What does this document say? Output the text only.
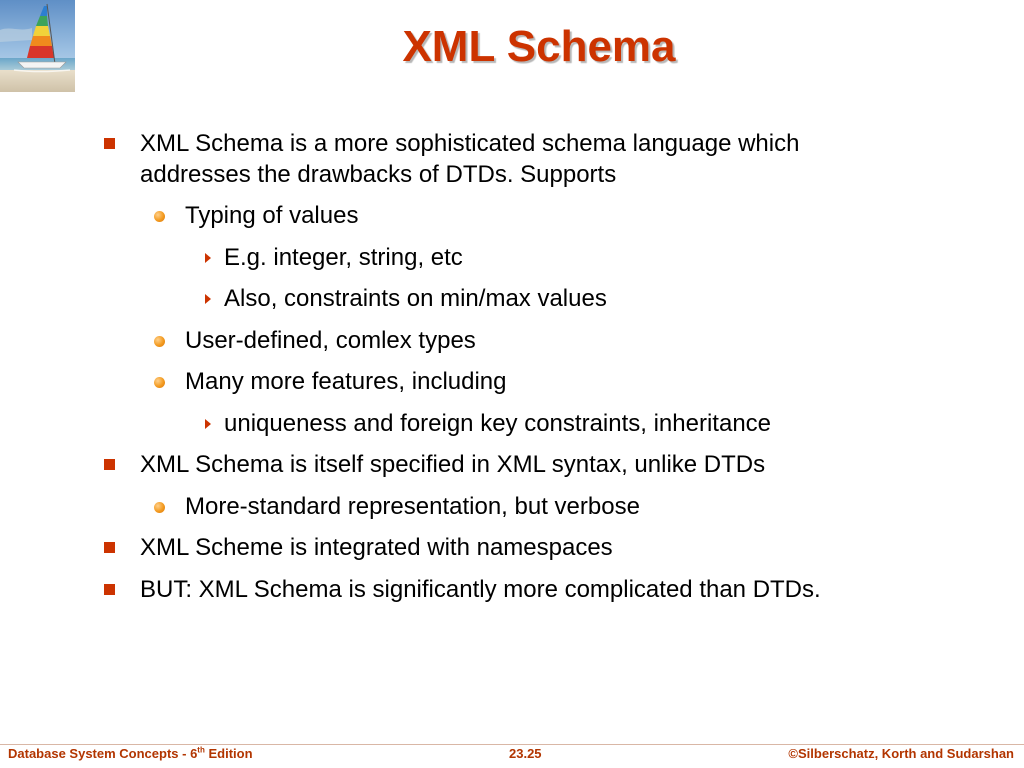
XML Schema
XML Schema is a more sophisticated schema language which
addresses the drawbacks of DTDs. Supports
Typing of values
E.g. integer, string, etc
Also, constraints on min/max values
User-defined, comlex types
Many more features, including
uniqueness and foreign key constraints, inheritance
XML Schema is itself specified in XML syntax, unlike DTDs
More-standard representation, but verbose
XML Scheme is integrated with namespaces
BUT: XML Schema is significantly more complicated than DTDs.
Database System Concepts - 6th Edition	23.25	©Silberschatz, Korth and Sudarshan
